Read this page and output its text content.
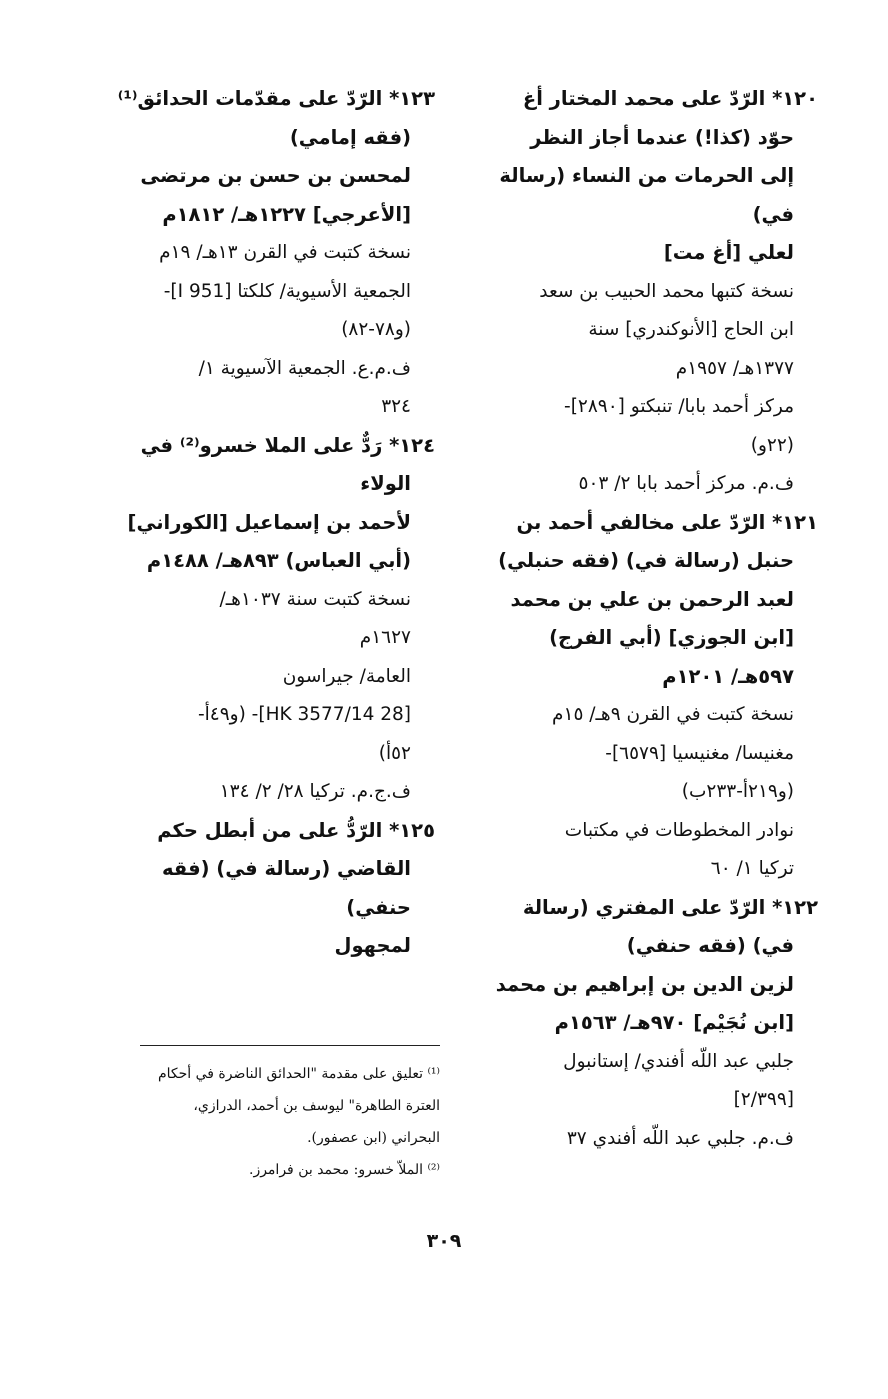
١٢٠* الرّدّ على محمد المختار أغ
حوّد (كذا!) عندما أجاز النظر
إلى الحرمات من النساء (رسالة
في)
لعلي [أغ مت]
نسخة كتبها محمد الحبيب بن سعد
ابن الحاج [الأنوكندري] سنة
١٣٧٧هـ/ ١٩٥٧م
مركز أحمد بابا/ تنبكتو [٢٨٩٠]-
(٢٢و)
ف.م. مركز أحمد بابا ٢/ ٥٠٣
١٢١* الرّدّ على مخالفي أحمد بن
حنبل (رسالة في) (فقه حنبلي)
لعبد الرحمن بن علي بن محمد
[ابن الجوزي] (أبي الفرج)
٥٩٧هـ/ ١٢٠١م
نسخة كتبت في القرن ٩هـ/ ١٥م
مغنيسا/ مغنيسيا [٦٥٧٩]-
(و٢١٩أ-٢٣٣ب)
نوادر المخطوطات في مكتبات
تركيا ١/ ٦٠
١٢٢* الرّدّ على المفتري (رسالة
في) (فقه حنفي)
لزين الدين بن إبراهيم بن محمد
[ابن نُجَيْم] ٩٧٠هـ/ ١٥٦٣م
جلبي عبد اللّه أفندي/ إستانبول
[٢/٣٩٩]
ف.م. جلبي عبد اللّه أفندي ٣٧
١٢٣* الرّدّ على مقدّمات الحدائق⁽¹⁾
(فقه إمامي)
لمحسن بن حسن بن مرتضى
[الأعرجي] ١٢٢٧هـ/ ١٨١٢م
نسخة كتبت في القرن ١٣هـ/ ١٩م
الجمعية الأسيوية/ كلكتا [I 951]-
(و٧٨-٨٢)
ف.م.ع. الجمعية الآسيوية ١/
٣٢٤
١٢٤* رَدٌّ على الملا خسرو⁽²⁾ في
الولاء
لأحمد بن إسماعيل [الكوراني]
(أبي العباس) ٨٩٣هـ/ ١٤٨٨م
نسخة كتبت سنة ١٠٣٧هـ/
١٦٢٧م
العامة/ جيراسون
[HK 3577/14 28]- (و٤٩أ-
٥٢أ)
ف.ج.م. تركيا ٢٨/ ٢/ ١٣٤
١٢٥* الرّدُّ على من أبطل حكم
القاضي (رسالة في) (فقه
حنفي)
لمجهول
⁽¹⁾ تعليق على مقدمة "الحدائق الناضرة في أحكام
العترة الطاهرة" ليوسف بن أحمد، الدرازي،
البحراني (ابن عصفور).
⁽²⁾ الملاّ خسرو: محمد بن فرامرز.
٣٠٩
